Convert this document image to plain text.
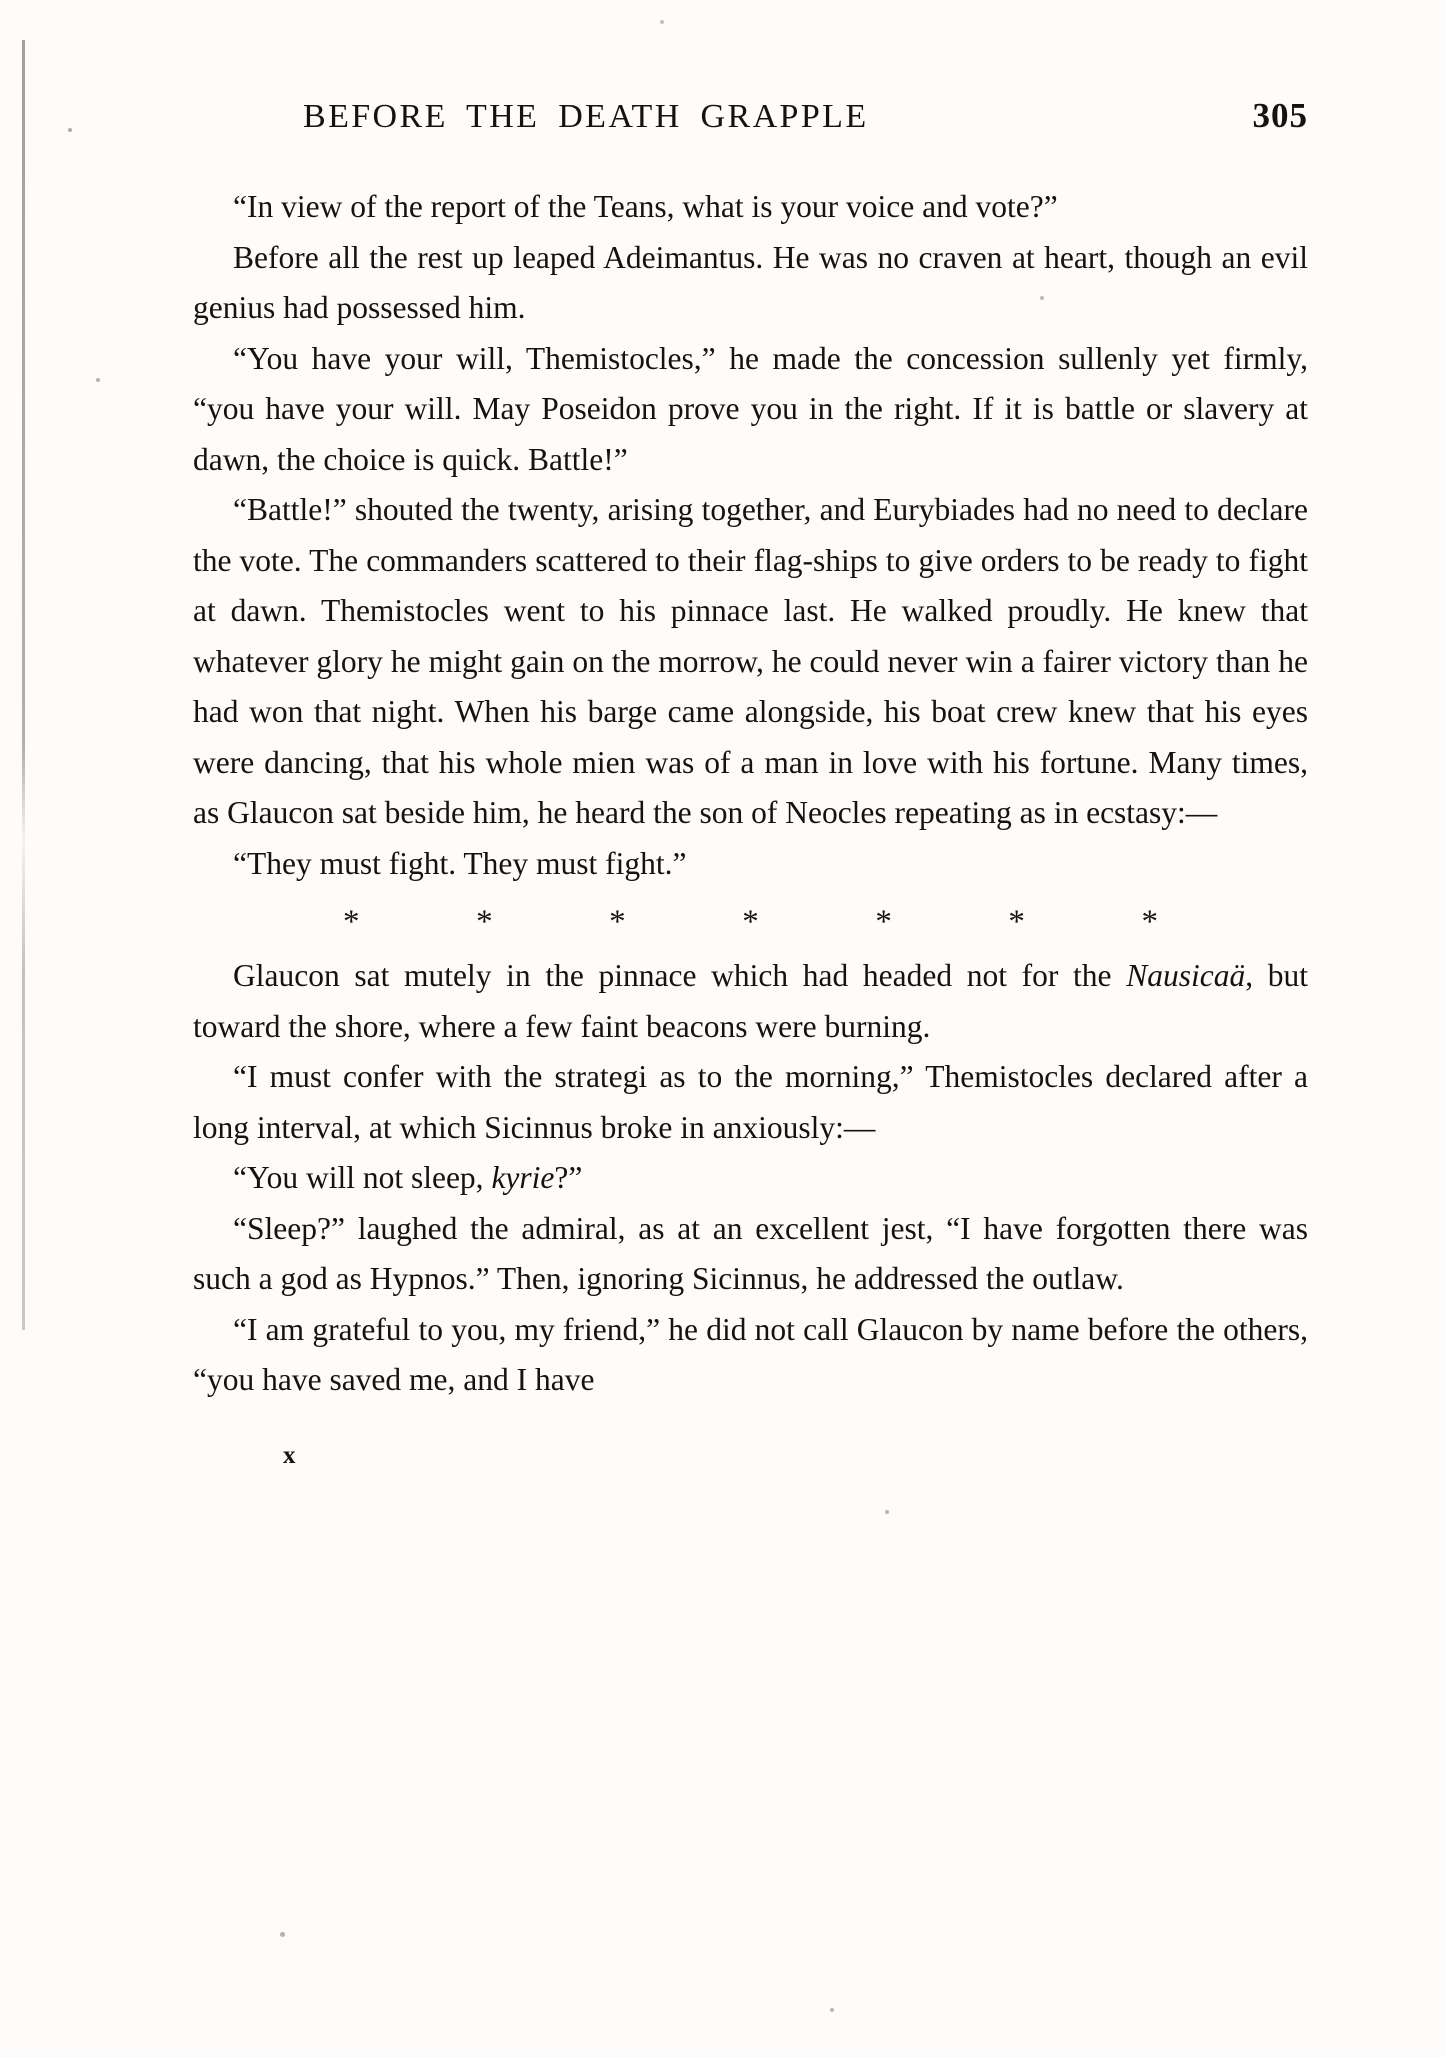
BEFORE THE DEATH GRAPPLE	305

“In view of the report of the Teans, what is your voice and vote?”

Before all the rest up leaped Adeimantus. He was no craven at heart, though an evil genius had possessed him.

“You have your will, Themistocles,” he made the concession sullenly yet firmly, “you have your will. May Poseidon prove you in the right. If it is battle or slavery at dawn, the choice is quick. Battle!”

“Battle!” shouted the twenty, arising together, and Eurybiades had no need to declare the vote. The commanders scattered to their flag-ships to give orders to be ready to fight at dawn. Themistocles went to his pinnace last. He walked proudly. He knew that whatever glory he might gain on the morrow, he could never win a fairer victory than he had won that night. When his barge came alongside, his boat crew knew that his eyes were dancing, that his whole mien was of a man in love with his fortune. Many times, as Glaucon sat beside him, he heard the son of Neocles repeating as in ecstasy:—

“They must fight. They must fight.”

*	*	*	*	*	*	*

Glaucon sat mutely in the pinnace which had headed not for the Nausicaä, but toward the shore, where a few faint beacons were burning.

“I must confer with the strategi as to the morning,” Themistocles declared after a long interval, at which Sicinnus broke in anxiously:—

“You will not sleep, kyrie?”

“Sleep?” laughed the admiral, as at an excellent jest, “I have forgotten there was such a god as Hypnos.” Then, ignoring Sicinnus, he addressed the outlaw.

“I am grateful to you, my friend,” he did not call Glaucon by name before the others, “you have saved me, and I have

x
